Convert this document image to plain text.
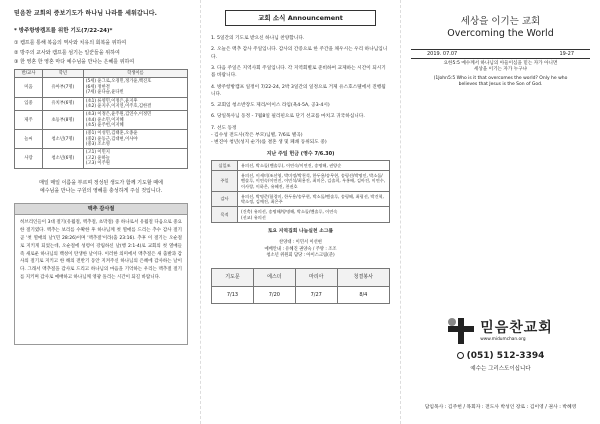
믿음찬 교회의 증보기도가 하나님 나라를 세워갑니다.
* 방주항방켐프를 위한 기도(7/22-24)*
① 켐프를 통해 복음의 역사와 치유의 회복을 위하여
② 방주의 교사와 캠프를 섬기는 일꾼들을 위하여
③ 한 영혼 한 영혼 마다 예수님을 만나는 은혜를 위하여
반/교사	학년	학생이름
미움	유아부(7명)	(5세) 윤그로,오경민,정가윤,백진호
(6세) 정한결
(7세) 윤다슬,윤다빈
입중	유치부(6명)	(초1) 류영민,이정은,윤지후
(초2) 윤지우,이지연,이주호,김한결
제주	초등부(8명)	(초3) 이정은,윤주원,김연수,이정민
(초4) 윤소민,이지혜
(초5) 윤주헌,이지혜
늘씨	청소년(7명)	(중1) 이성민,김태훈,오종윤
(중2) 윤동근,김대현,이사야
(중3) 조소영
사랑	청소년(6명)	(고1) 이민지
(고2) 윤하늘
(고3) 이주원
매일 매일 이름을 부르며 정성된 생도가 함께 기도할 때에
예수님을 만나는 구원의 영혜를 충성하게 주실 것입니다.
맥추 감사절
히브리인들이 3대 절기(유월절, 맥추절, 초막절) 중 하나로서 유월절 다음으로 중요한 절기였다. 맥추는 보리를 수확한 후 하나님께 첫 열매를 드리는 추수 감사 절기 곧 '첫 열매의 날'(민 28:26)이며 '맥추절'이라(출 23:16). 추후 이 절기는 오순절로 지키게 되었는데, 오순절에 성령이 강림하신 날(행 2:1-4)로 교회의 첫 열매들 즉 새로운 하나님의 백성이 탄생한 날이다. 이러한 의미에서 맥추절은 새 출발과 감사의 절기로 지키고 한 해의 전반기 동안 지켜주신 하나님의 은혜에 감사하는 날이다. 그래서 맥추절을 감사로 드리고 하나님의 마음을 기억하는 우리는 맥추절 절기를 지키며 감사로 예배하고 하나님께 영광 돌리는 시간이 되길 바랍니다.
교회 소식 Announcement
1. 5일간의 기도로 받으신 하나님 찬양합니다.
2. 오늘은 맥추 감사 주일입니다. 감사의 간증으로 한 주간을 채우시는 우리 하나님입니다.
3. 다음 주일은 지역사회 주일입니다. 각 지역회별로 준비하여 교제하는 시간이 되시기를 바랍니다.
4. 방주항방캠프 일정이 7/22-24, 2박 3일간의 일정으로 거제 유스호스텔에서 진행됩니다.
5. 교회임 청소반장도 제리/이이스 라임(욕4-5A, 공3-4시)
6. 당일목사님 동정 - 7월8일 필리핀으로 단기 선교를 마치고 귀국하십니다.
7. 선도 동정
- 김수성 전도사(작은 부모)님별, 7/6로 별곡)
- 변진아 청년(성지 순가)를 결혼 생 및 폐쇄 동위되도 중)
지난 주일 헌금 (영수 7/6.30)
십일조	유의선, 박소돌(벤솔루), 이연숙/이연진, 송명해, 권양순
주일	유의선, 이세미/조선영, 박미정/박천석, 한두용/송무현, 송평선/박명인, 박소돌/벤솔루, 이연숙/이연진, 이민석/최용진, 최미은, 김솔희, 우홍배, 김아진, 이연수, 이사랑, 이하은, 유혜진, 천권호
감사	유의선, 박명준/함경미, 한두용/송무현, 박소돌/벤솔루, 송평해, 최평선, 박건혁, 박소정, 김예진, 최은주
목적	(건축) 유의선, 송명해/양명해, 박소돌/벤솔루, 이연숙
(선교) 유의선
토요 지역집회 나눔실천 소그룹
찬양대 : 이민서 이선현
예배안내 : 유혜진 권양숙 / 주방 : 조조
청소년 위원회 담당 : 아이스크림(준)
기도문	에스더	마리아	청결봉사
7/13	7/20	7/27	8/4
세상을 이기는 교회
Overcoming the World
2019. 07.07	19-27
요한5:5 예수께서 하나님의 아들이심을 믿는 자가 아니면
세상을 이기는 자가 누구냐
(1John5:5 Who is it that overcomes the world? Only he who
believes that Jesus is the Son of God.
믿음찬교회
www.midumchan.org
(051) 512-3394
예수는 그리스도이십니다
담임목사 : 김주헌 / 목회자 : 전도사 박성인 장로 : 김이영 / 권사 : 박혜영
